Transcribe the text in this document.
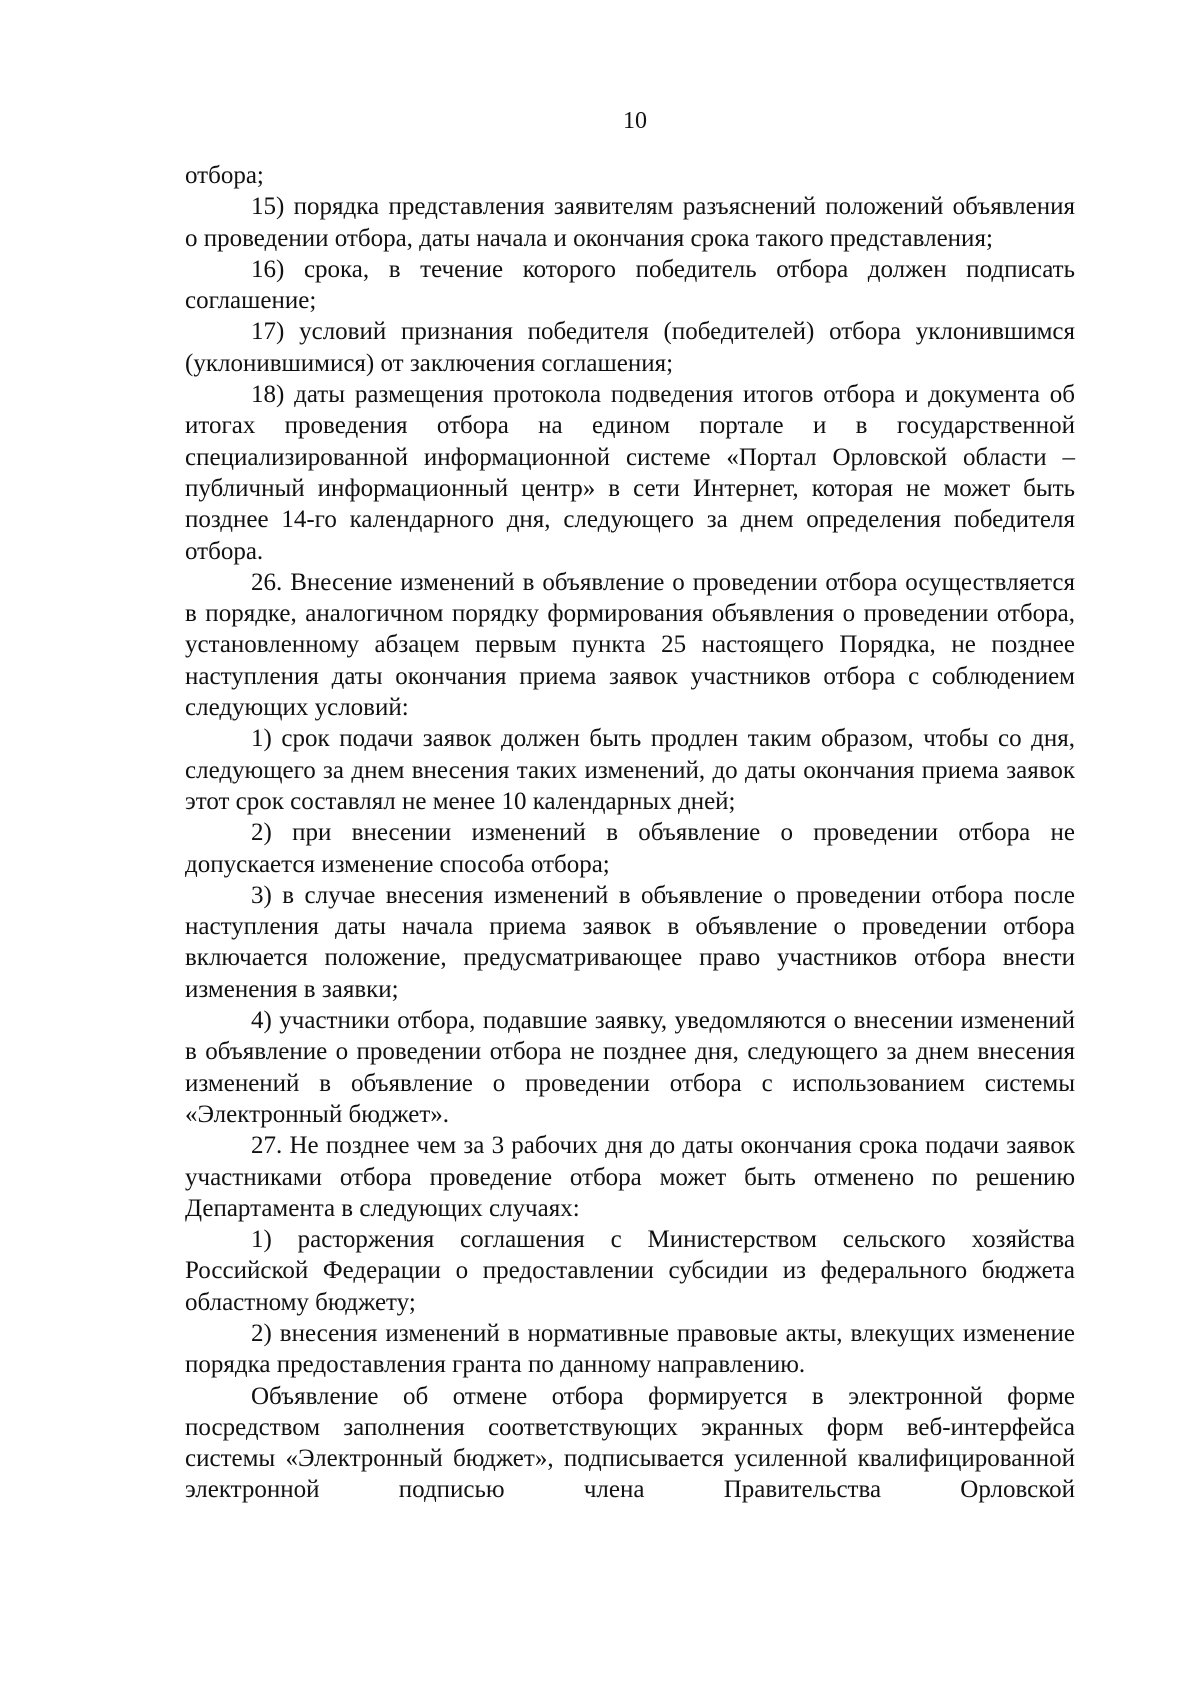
10

отбора;

15) порядка представления заявителям разъяснений положений объявления о проведении отбора, даты начала и окончания срока такого представления;

16) срока, в течение которого победитель отбора должен подписать соглашение;

17) условий признания победителя (победителей) отбора уклонившимся (уклонившимися) от заключения соглашения;

18) даты размещения протокола подведения итогов отбора и документа об итогах проведения отбора на едином портале и в государственной специализированной информационной системе «Портал Орловской области – публичный информационный центр» в сети Интернет, которая не может быть позднее 14-го календарного дня, следующего за днем определения победителя отбора.

26. Внесение изменений в объявление о проведении отбора осуществляется в порядке, аналогичном порядку формирования объявления о проведении отбора, установленному абзацем первым пункта 25 настоящего Порядка, не позднее наступления даты окончания приема заявок участников отбора с соблюдением следующих условий:

1) срок подачи заявок должен быть продлен таким образом, чтобы со дня, следующего за днем внесения таких изменений, до даты окончания приема заявок этот срок составлял не менее 10 календарных дней;

2) при внесении изменений в объявление о проведении отбора не допускается изменение способа отбора;

3) в случае внесения изменений в объявление о проведении отбора после наступления даты начала приема заявок в объявление о проведении отбора включается положение, предусматривающее право участников отбора внести изменения в заявки;

4) участники отбора, подавшие заявку, уведомляются о внесении изменений в объявление о проведении отбора не позднее дня, следующего за днем внесения изменений в объявление о проведении отбора с использованием системы «Электронный бюджет».

27. Не позднее чем за 3 рабочих дня до даты окончания срока подачи заявок участниками отбора проведение отбора может быть отменено по решению Департамента в следующих случаях:

1) расторжения соглашения с Министерством сельского хозяйства Российской Федерации о предоставлении субсидии из федерального бюджета областному бюджету;

2) внесения изменений в нормативные правовые акты, влекущих изменение порядка предоставления гранта по данному направлению.

Объявление об отмене отбора формируется в электронной форме посредством заполнения соответствующих экранных форм веб-интерфейса системы «Электронный бюджет», подписывается усиленной квалифицированной электронной подписью члена Правительства Орловской
